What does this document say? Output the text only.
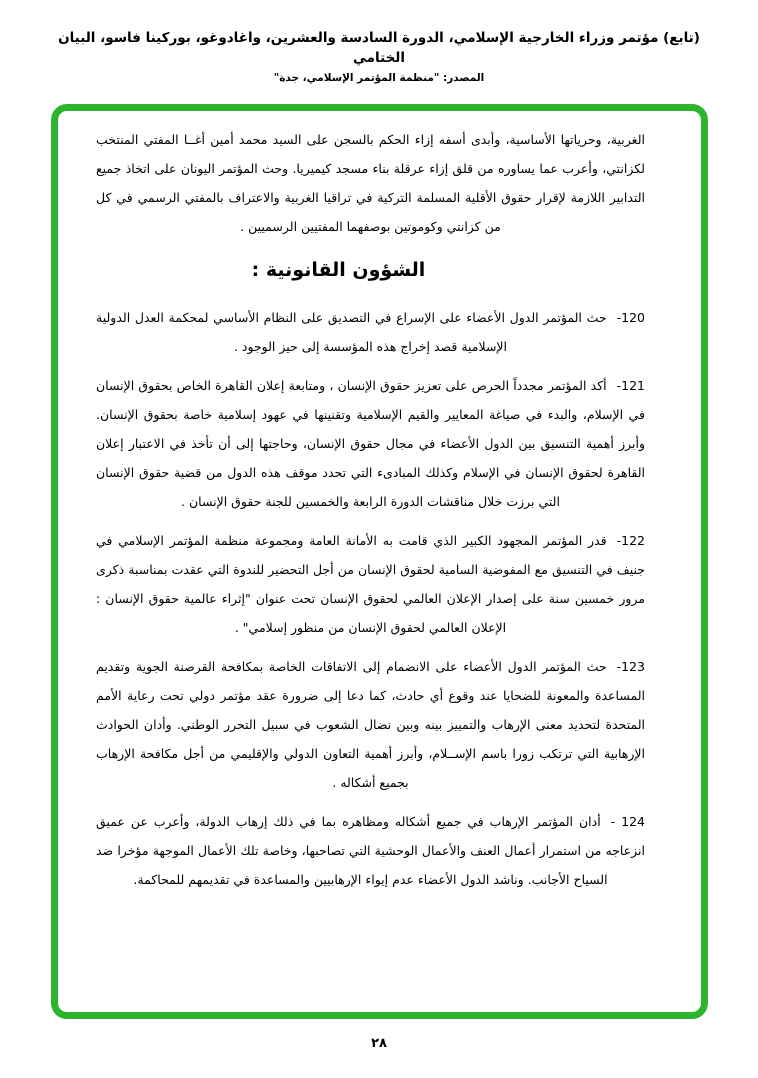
(تابع) مؤتمر وزراء الخارجية الإسلامي، الدورة السادسة والعشرين، واغادوغو، بوركينا فاسو، البيان الختامي
المصدر: "منظمة المؤتمر الإسلامي، جدة"

الغربية، وحرياتها الأساسية، وأبدى أسفه إزاء الحكم بالسجن على السيد محمد أمين أغــا المفتي المنتخب لكزانتي، وأعرب عما يساوره من قلق إزاء عرقلة بناء مسجد كيميريا. وحث المؤتمر اليونان على اتخاذ جميع التدابير اللازمة لإقرار حقوق الأقلية المسلمة التركية في تراقيا الغربية والاعتراف بالمفتي الرسمي في كل من كزانتي وكوموتين بوصفهما المفتيين الرسميين .

الشؤون القانونية :

120-حث المؤتمر الدول الأعضاء على الإسراع في التصديق على النظام الأساسي لمحكمة العدل الدولية الإسلامية قصد إخراج هذه المؤسسة إلى حيز الوجود .

121-أكد المؤتمر مجدداً الحرص على تعزيز حقوق الإنسان ، ومتابعة إعلان القاهرة الخاص بحقوق الإنسان في الإسلام، والبدء في صياغة المعايير والقيم الإسلامية وتقنينها في عهود إسلامية خاصة بحقوق الإنسان. وأبرز أهمية التنسيق بين الدول الأعضاء في مجال حقوق الإنسان، وحاجتها إلى أن تأخذ في الاعتبار إعلان القاهرة لحقوق الإنسان في الإسلام وكذلك المبادىء التي تحدد موقف هذه الدول من قضية حقوق الإنسان التي برزت خلال مناقشات الدورة الرابعة والخمسين للجنة حقوق الإنسان .

122-قدر المؤتمر المجهود الكبير الذي قامت به الأمانة العامة ومجموعة منظمة المؤتمر الإسلامي في جنيف في التنسيق مع المفوضية السامية لحقوق الإنسان من أجل التحضير للندوة التي عقدت بمناسبة ذكرى مرور خمسين سنة على إصدار الإعلان العالمي لحقوق الإنسان تحت عنوان "إثراء عالمية حقوق الإنسان : الإعلان العالمي لحقوق الإنسان من منظور إسلامي" .

123-حث المؤتمر الدول الأعضاء على الانضمام إلى الاتفاقات الخاصة بمكافحة القرصنة الجوية وتقديم المساعدة والمعونة للضحايا عند وقوع أي حادث، كما دعا إلى ضرورة عقد مؤتمر دولي تحت رعاية الأمم المتحدة لتحديد معنى الإرهاب والتمييز بينه وبين نضال الشعوب في سبيل التحرر الوطني. وأدان الحوادث الإرهابية التي ترتكب زورا باسم الإســلام، وأبرز أهمية التعاون الدولي والإقليمي من أجل مكافحة الإرهاب بجميع أشكاله .

124 -أدان المؤتمر الإرهاب في جميع أشكاله ومظاهره بما في ذلك إرهاب الدولة، وأعرب عن عميق انزعاجه من استمرار أعمال العنف والأعمال الوحشية التي تصاحبها، وخاصة تلك الأعمال الموجهة مؤخرا ضد السياح الأجانب. وناشد الدول الأعضاء عدم إيواء الإرهابيين والمساعدة في تقديمهم للمحاكمة.

٢٨
